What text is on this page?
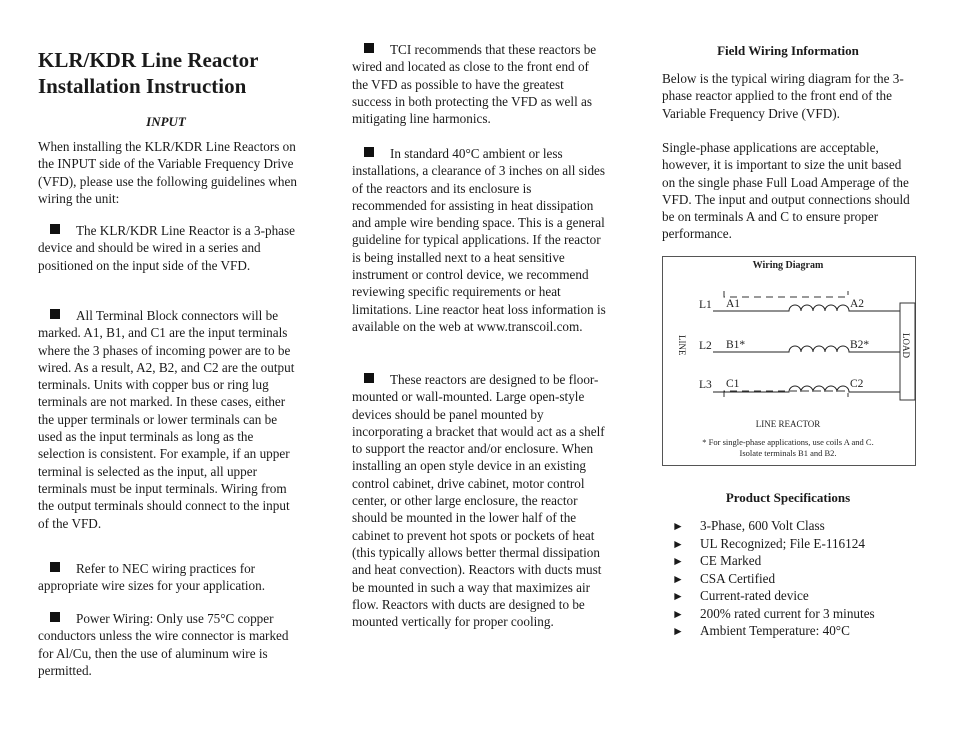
KLR/KDR Line Reactor
Installation Instruction
INPUT

When installing the KLR/KDR Line Reactors on the INPUT side of the Variable Frequency Drive (VFD), please use the following guidelines when wiring the unit:

The KLR/KDR Line Reactor is a 3-phase device and should be wired in a series and positioned on the input side of the VFD.

All Terminal Block connectors will be marked. A1, B1, and C1 are the input terminals where the 3 phases of incoming power are to be wired. As a result, A2, B2, and C2 are the output terminals. Units with copper bus or ring lug terminals are not marked. In these cases, either the upper terminals or lower terminals can be used as the input terminals as long as the selection is consistent. For example, if an upper terminal is selected as the input, all upper terminals must be input terminals. Wiring from the output terminals should connect to the input of the VFD.

Refer to NEC wiring practices for appropriate wire sizes for your application.

Power Wiring: Only use 75°C copper conductors unless the wire connector is marked for Al/Cu, then the use of aluminum wire is permitted.

TCI recommends that these reactors be wired and located as close to the front end of the VFD as possible to have the greatest success in both protecting the VFD as well as mitigating line harmonics.

In standard 40°C ambient or less installations, a clearance of 3 inches on all sides of the reactors and its enclosure is recommended for assisting in heat dissipation and ample wire bending space. This is a general guideline for typical applications. If the reactor is being installed next to a heat sensitive instrument or control device, we recommend reviewing specific requirements or heat limitations. Line reactor heat loss information is available on the web at www.transcoil.com.

These reactors are designed to be floor-mounted or wall-mounted. Large open-style devices should be panel mounted by incorporating a bracket that would act as a shelf to support the reactor and/or enclosure. When installing an open style device in an existing control cabinet, drive cabinet, motor control center, or other large enclosure, the reactor should be mounted in the lower half of the cabinet to prevent hot spots or pockets of heat (this typically allows better thermal dissipation and heat convection). Reactors with ducts must be mounted in such a way that maximizes air flow. Reactors with ducts are designed to be mounted vertically for proper cooling.

Field Wiring Information

Below is the typical wiring diagram for the 3-phase reactor applied to the front end of the Variable Frequency Drive (VFD).

Single-phase applications are acceptable, however, it is important to size the unit based on the single phase Full Load Amperage of the VFD. The input and output connections should be on terminals A and C to ensure proper performance.

Wiring Diagram
L1 A1	A2
L2 B1*	B2*
L3 C1	C2
LINE	LOAD
LINE REACTOR
* For single-phase applications, use coils A and C.
Isolate terminals B1 and B2.
Product Specifications
► 3-Phase, 600 Volt Class
► UL Recognized; File E-116124
► CE Marked
► CSA Certified
► Current-rated device
► 200% rated current for 3 minutes
► Ambient Temperature: 40°C
